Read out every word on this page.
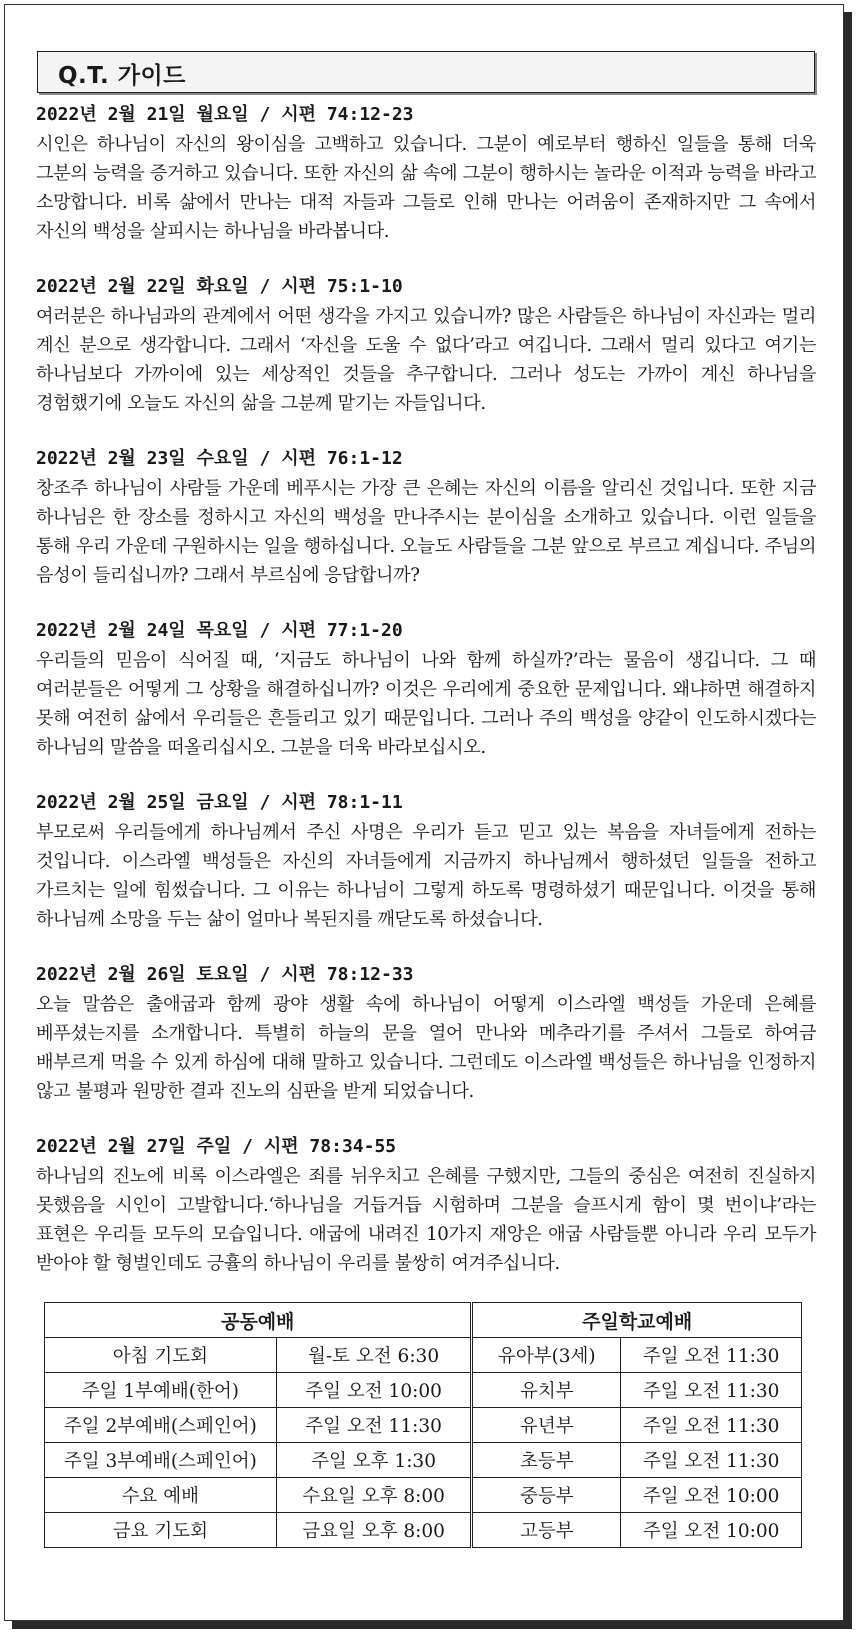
Q.T. 가이드
2022년 2월 21일 월요일 / 시편 74:12-23
시인은 하나님이 자신의 왕이심을 고백하고 있습니다. 그분이 예로부터 행하신 일들을 통해 더욱 그분의 능력을 증거하고 있습니다. 또한 자신의 삶 속에 그분이 행하시는 놀라운 이적과 능력을 바라고 소망합니다. 비록 삶에서 만나는 대적 자들과 그들로 인해 만나는 어려움이 존재하지만 그 속에서 자신의 백성을 살피시는 하나님을 바라봅니다.
2022년 2월 22일 화요일 / 시편 75:1-10
여러분은 하나님과의 관계에서 어떤 생각을 가지고 있습니까? 많은 사람들은 하나님이 자신과는 멀리 계신 분으로 생각합니다. 그래서 ‘자신을 도울 수 없다’라고 여깁니다. 그래서 멀리 있다고 여기는 하나님보다 가까이에 있는 세상적인 것들을 추구합니다. 그러나 성도는 가까이 계신 하나님을 경험했기에 오늘도 자신의 삶을 그분께 맡기는 자들입니다.
2022년 2월 23일 수요일 / 시편 76:1-12
창조주 하나님이 사람들 가운데 베푸시는 가장 큰 은혜는 자신의 이름을 알리신 것입니다. 또한 지금 하나님은 한 장소를 정하시고 자신의 백성을 만나주시는 분이심을 소개하고 있습니다. 이런 일들을 통해 우리 가운데 구원하시는 일을 행하십니다. 오늘도 사람들을 그분 앞으로 부르고 계십니다. 주님의 음성이 들리십니까? 그래서 부르심에 응답합니까?
2022년 2월 24일 목요일 / 시편 77:1-20
우리들의 믿음이 식어질 때, ‘지금도 하나님이 나와 함께 하실까?’라는 물음이 생깁니다. 그 때 여러분들은 어떻게 그 상황을 해결하십니까? 이것은 우리에게 중요한 문제입니다. 왜냐하면 해결하지 못해 여전히 삶에서 우리들은 흔들리고 있기 때문입니다. 그러나 주의 백성을 양같이 인도하시겠다는 하나님의 말씀을 떠올리십시오. 그분을 더욱 바라보십시오.
2022년 2월 25일 금요일 / 시편 78:1-11
부모로써 우리들에게 하나님께서 주신 사명은 우리가 듣고 믿고 있는 복음을 자녀들에게 전하는 것입니다. 이스라엘 백성들은 자신의 자녀들에게 지금까지 하나님께서 행하셨던 일들을 전하고 가르치는 일에 힘썼습니다. 그 이유는 하나님이 그렇게 하도록 명령하셨기 때문입니다. 이것을 통해 하나님께 소망을 두는 삶이 얼마나 복된지를 깨닫도록 하셨습니다.
2022년 2월 26일 토요일 / 시편 78:12-33
오늘 말씀은 출애굽과 함께 광야 생활 속에 하나님이 어떻게 이스라엘 백성들 가운데 은혜를 베푸셨는지를 소개합니다. 특별히 하늘의 문을 열어 만나와 메추라기를 주셔서 그들로 하여금 배부르게 먹을 수 있게 하심에 대해 말하고 있습니다. 그런데도 이스라엘 백성들은 하나님을 인정하지 않고 불평과 원망한 결과 진노의 심판을 받게 되었습니다.
2022년 2월 27일 주일 / 시편 78:34-55
하나님의 진노에 비록 이스라엘은 죄를 뉘우치고 은혜를 구했지만, 그들의 중심은 여전히 진실하지 못했음을 시인이 고발합니다.‘하나님을 거듭거듭 시험하며 그분을 슬프시게 함이 몇 번이냐’라는 표현은 우리들 모두의 모습입니다. 애굽에 내려진 10가지 재앙은 애굽 사람들뿐 아니라 우리 모두가 받아야 할 형벌인데도 긍휼의 하나님이 우리를 불쌍히 여겨주십니다.
공동예배		주일학교예배	
아침 기도회	월-토 오전 6:30	유아부(3세)	주일 오전 11:30
주일 1부예배(한어)	주일 오전 10:00	유치부	주일 오전 11:30
주일 2부예배(스페인어)	주일 오전 11:30	유년부	주일 오전 11:30
주일 3부예배(스페인어)	주일 오후 1:30	초등부	주일 오전 11:30
수요 예배	수요일 오후 8:00	중등부	주일 오전 10:00
금요 기도회	금요일 오후 8:00	고등부	주일 오전 10:00
